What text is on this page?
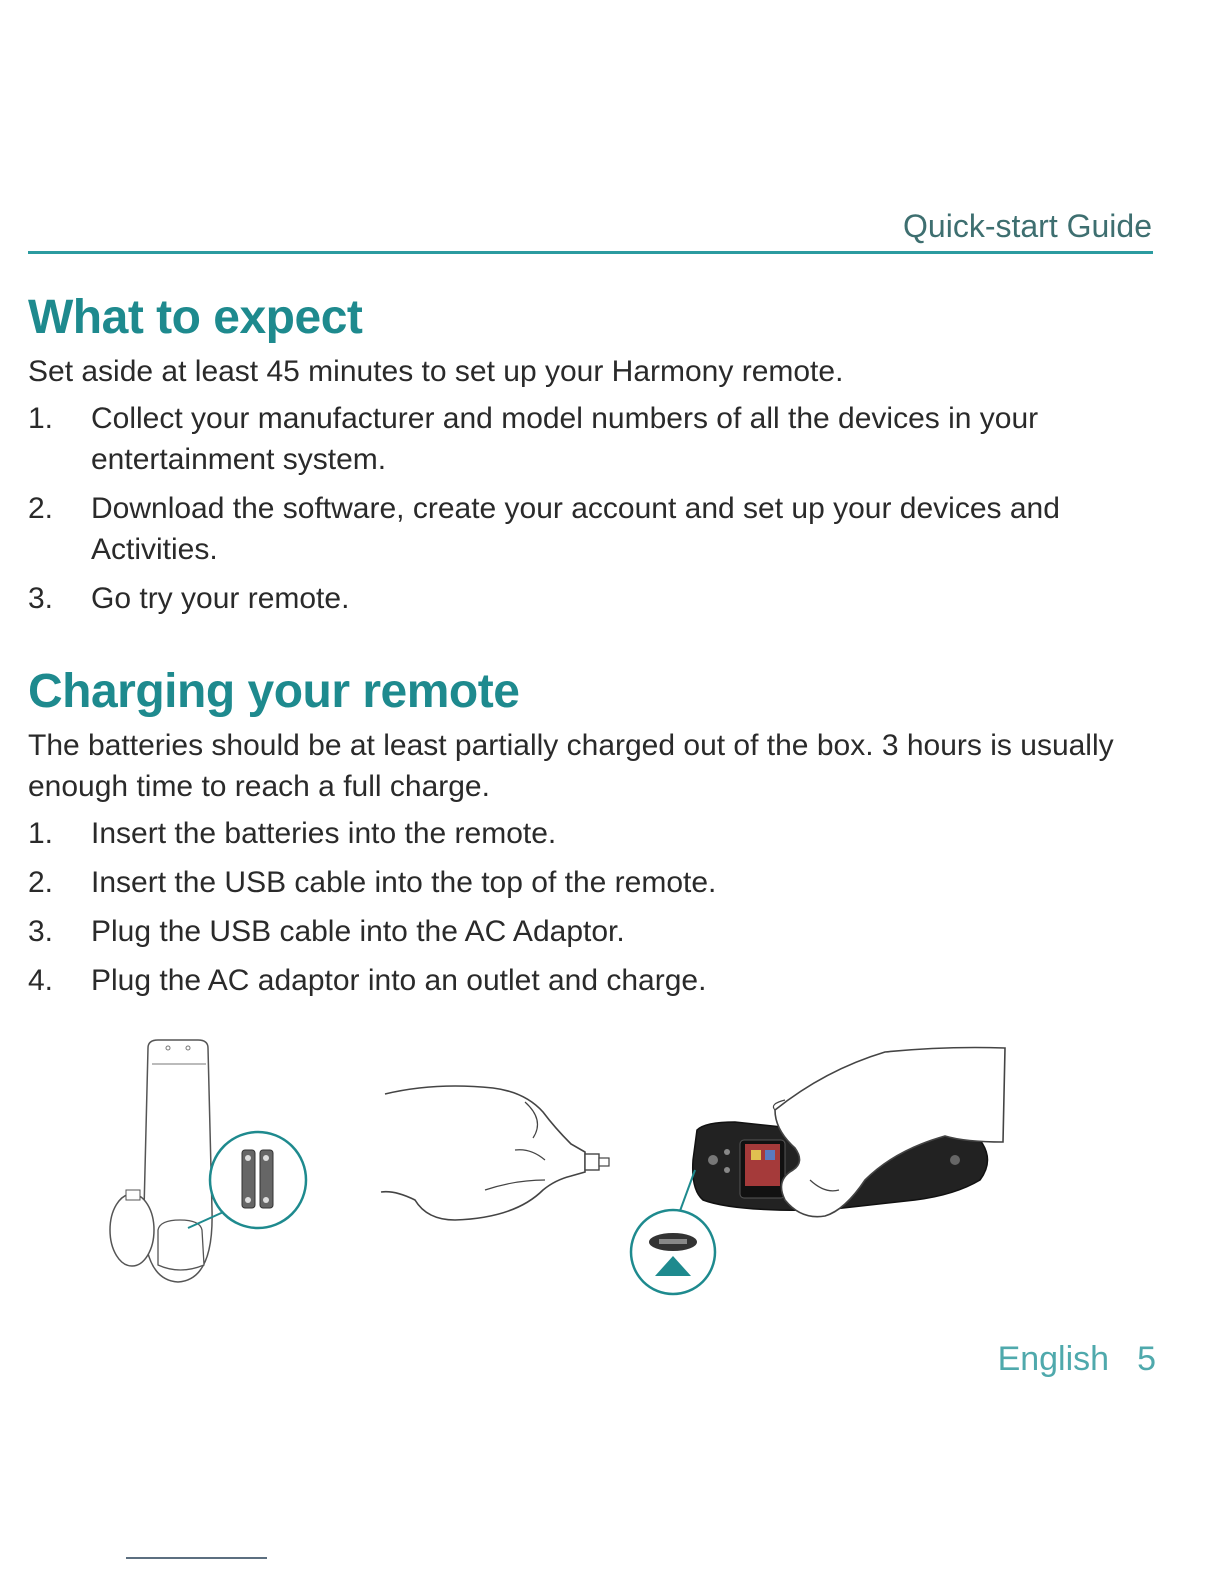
Quick-start Guide
What to expect

Set aside at least 45 minutes to set up your Harmony remote.

1. Collect your manufacturer and model numbers of all the devices in your entertainment system.
2. Download the software, create your account and set up your devices and Activities.
3. Go try your remote.
Charging your remote

The batteries should be at least partially charged out of the box. 3 hours is usually enough time to reach a full charge.

1. Insert the batteries into the remote.
2. Insert the USB cable into the top of the remote.
3. Plug the USB cable into the AC Adaptor.
4. Plug the AC adaptor into an outlet and charge.
English 5
